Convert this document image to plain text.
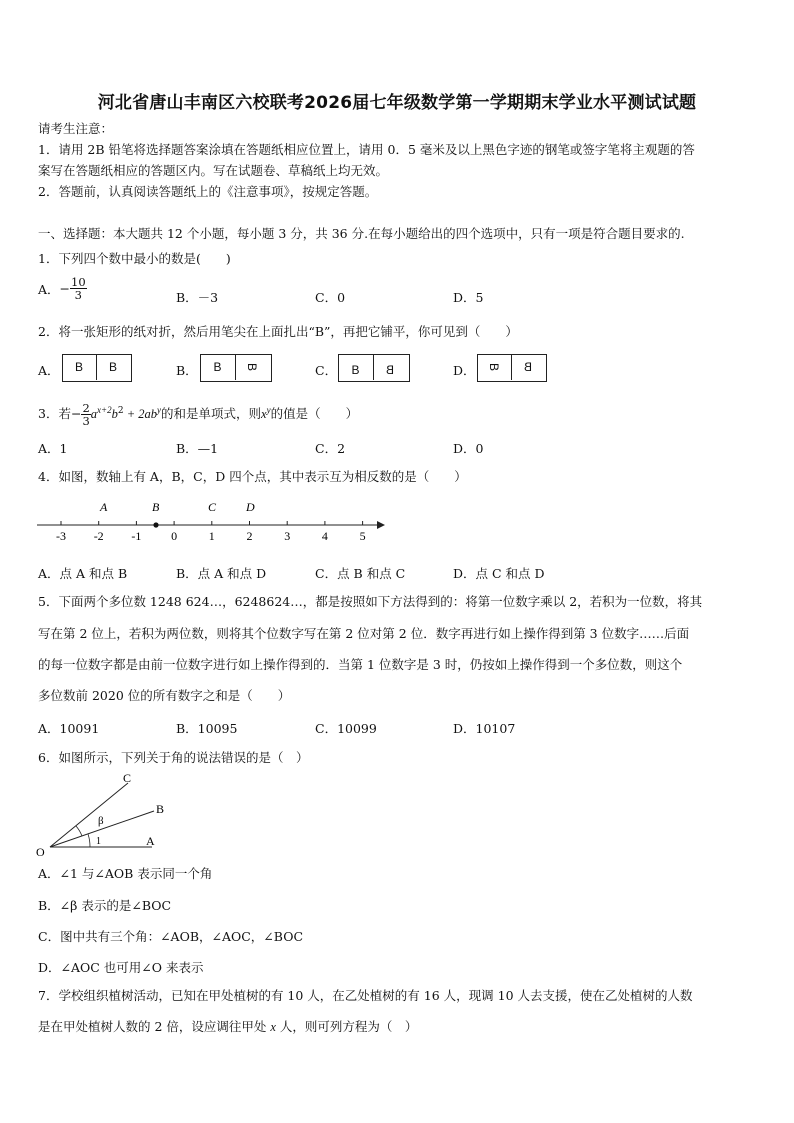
河北省唐山丰南区六校联考2026届七年级数学第一学期期末学业水平测试试题
请考生注意：
1．请用 2B 铅笔将选择题答案涂填在答题纸相应位置上，请用 0．5 毫米及以上黑色字迹的钢笔或签字笔将主观题的答
案写在答题纸相应的答题区内。写在试题卷、草稿纸上均无效。
2．答题前，认真阅读答题纸上的《注意事项》，按规定答题。
一、选择题：本大题共 12 个小题，每小题 3 分，共 36 分.在每小题给出的四个选项中，只有一项是符合题目要求的.
1．下列四个数中最小的数是(　　)
A．− $\frac{10}{3}$	B．－3	C．0	D．5
2．将一张矩形的纸对折，然后用笔尖在上面扎出“B”，再把它铺平，你可见到（　　）
A．	B	B	B．	B	B	C．	B	B	D． B	B
3．若− $\frac{2}{3} a^{x+2}b^2 + 2ab^y$的和是单项式，则$x^y$的值是（　　）
A．1	B．—1	C．2	D．0
4．如图，数轴上有 A，B，C，D 四个点，其中表示互为相反数的是（　　）
-3 -2 -1 0	1	2	3	4	5
A	B	C D
A．点 A 和点 B	B．点 A 和点 D	C．点 B 和点 C	D．点 C 和点 D
5．下面两个多位数 1248 624…，6248624…，都是按照如下方法得到的：将第一位数字乘以 2，若积为一位数，将其
写在第 2 位上，若积为两位数，则将其个位数字写在第 2 位对第 2 位．数字再进行如上操作得到第 3 位数字……后面
的每一位数字都是由前一位数字进行如上操作得到的．当第 1 位数字是 3 时，仍按如上操作得到一个多位数，则这个
多位数前 2020 位的所有数字之和是（　　）
A．10091	B．10095	C．10099	D．10107
6．如图所示，下列关于角的说法错误的是（　）
C
B
β
1	A
O
A．∠1 与∠AOB 表示同一个角
B．∠β 表示的是∠BOC
C．图中共有三个角：∠AOB，∠AOC，∠BOC
D．∠AOC 也可用∠O 来表示
7．学校组织植树活动，已知在甲处植树的有 10 人，在乙处植树的有 16 人，现调 10 人去支援，使在乙处植树的人数
是在甲处植树人数的 2 倍，设应调往甲处 x 人，则可列方程为（　）
